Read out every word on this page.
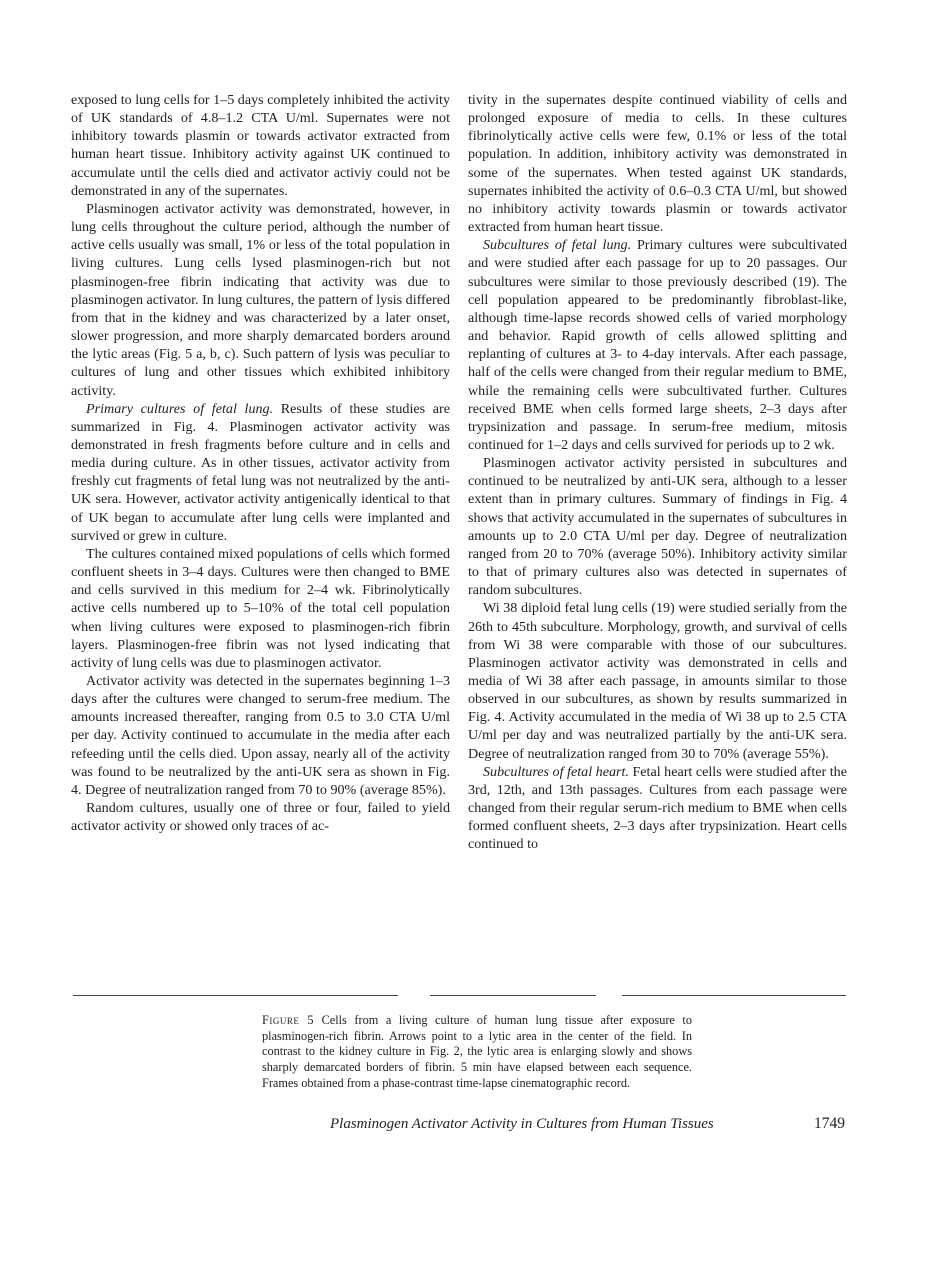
exposed to lung cells for 1–5 days completely inhibited the activity of UK standards of 4.8–1.2 CTA U/ml. Supernates were not inhibitory towards plasmin or towards activator extracted from human heart tissue. Inhibitory activity against UK continued to accumulate until the cells died and activator activiy could not be demonstrated in any of the supernates.

Plasminogen activator activity was demonstrated, however, in lung cells throughout the culture period, although the number of active cells usually was small, 1% or less of the total population in living cultures. Lung cells lysed plasminogen-rich but not plasminogen-free fibrin indicating that activity was due to plasminogen activator. In lung cultures, the pattern of lysis differed from that in the kidney and was characterized by a later onset, slower progression, and more sharply demarcated borders around the lytic areas (Fig. 5 a, b, c). Such pattern of lysis was peculiar to cultures of lung and other tissues which exhibited inhibitory activity.

Primary cultures of fetal lung. Results of these studies are summarized in Fig. 4. Plasminogen activator activity was demonstrated in fresh fragments before culture and in cells and media during culture. As in other tissues, activator activity from freshly cut fragments of fetal lung was not neutralized by the anti-UK sera. However, activator activity antigenically identical to that of UK began to accumulate after lung cells were implanted and survived or grew in culture.

The cultures contained mixed populations of cells which formed confluent sheets in 3–4 days. Cultures were then changed to BME and cells survived in this medium for 2–4 wk. Fibrinolytically active cells numbered up to 5–10% of the total cell population when living cultures were exposed to plasminogen-rich fibrin layers. Plasminogen-free fibrin was not lysed indicating that activity of lung cells was due to plasminogen activator.

Activator activity was detected in the supernates beginning 1–3 days after the cultures were changed to serum-free medium. The amounts increased thereafter, ranging from 0.5 to 3.0 CTA U/ml per day. Activity continued to accumulate in the media after each refeeding until the cells died. Upon assay, nearly all of the activity was found to be neutralized by the anti-UK sera as shown in Fig. 4. Degree of neutralization ranged from 70 to 90% (average 85%).

Random cultures, usually one of three or four, failed to yield activator activity or showed only traces of ac-

tivity in the supernates despite continued viability of cells and prolonged exposure of media to cells. In these cultures fibrinolytically active cells were few, 0.1% or less of the total population. In addition, inhibitory activity was demonstrated in some of the supernates. When tested against UK standards, supernates inhibited the activity of 0.6–0.3 CTA U/ml, but showed no inhibitory activity towards plasmin or towards activator extracted from human heart tissue.

Subcultures of fetal lung. Primary cultures were subcultivated and were studied after each passage for up to 20 passages. Our subcultures were similar to those previously described (19). The cell population appeared to be predominantly fibroblast-like, although time-lapse records showed cells of varied morphology and behavior. Rapid growth of cells allowed splitting and replanting of cultures at 3- to 4-day intervals. After each passage, half of the cells were changed from their regular medium to BME, while the remaining cells were subcultivated further. Cultures received BME when cells formed large sheets, 2–3 days after trypsinization and passage. In serum-free medium, mitosis continued for 1–2 days and cells survived for periods up to 2 wk.

Plasminogen activator activity persisted in subcultures and continued to be neutralized by anti-UK sera, although to a lesser extent than in primary cultures. Summary of findings in Fig. 4 shows that activity accumulated in the supernates of subcultures in amounts up to 2.0 CTA U/ml per day. Degree of neutralization ranged from 20 to 70% (average 50%). Inhibitory activity similar to that of primary cultures also was detected in supernates of random subcultures.

Wi 38 diploid fetal lung cells (19) were studied serially from the 26th to 45th subculture. Morphology, growth, and survival of cells from Wi 38 were comparable with those of our subcultures. Plasminogen activator activity was demonstrated in cells and media of Wi 38 after each passage, in amounts similar to those observed in our subcultures, as shown by results summarized in Fig. 4. Activity accumulated in the media of Wi 38 up to 2.5 CTA U/ml per day and was neutralized partially by the anti-UK sera. Degree of neutralization ranged from 30 to 70% (average 55%).

Subcultures of fetal heart. Fetal heart cells were studied after the 3rd, 12th, and 13th passages. Cultures from each passage were changed from their regular serum-rich medium to BME when cells formed confluent sheets, 2–3 days after trypsinization. Heart cells continued to

Figure 5 Cells from a living culture of human lung tissue after exposure to plasminogen-rich fibrin. Arrows point to a lytic area in the center of the field. In contrast to the kidney culture in Fig. 2, the lytic area is enlarging slowly and shows sharply demarcated borders of fibrin. 5 min have elapsed between each sequence. Frames obtained from a phase-contrast time-lapse cinematographic record.
Plasminogen Activator Activity in Cultures from Human Tissues	1749
